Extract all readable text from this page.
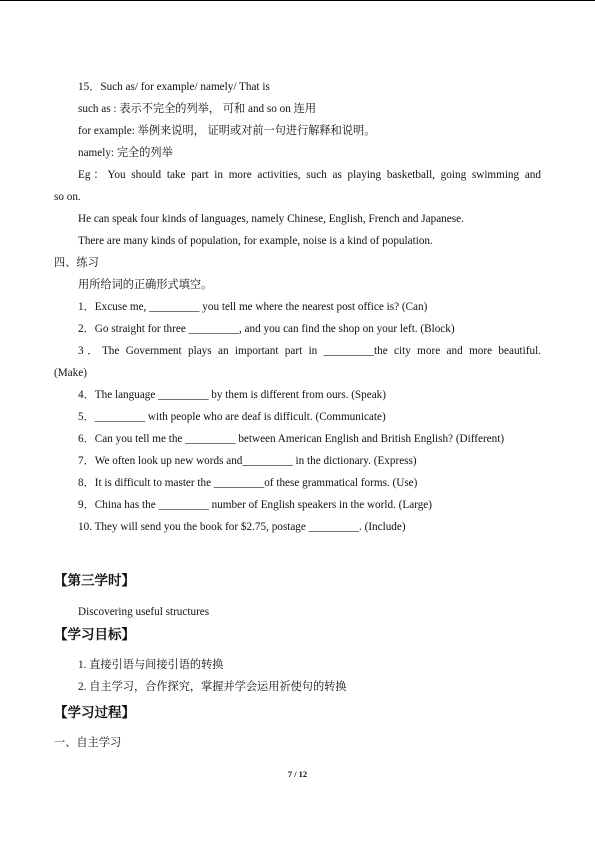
15．Such as/ for example/ namely/ That is
such as : 表示不完全的列举， 可和 and so on 连用
for example: 举例来说明， 证明或对前一句进行解释和说明。
namely: 完全的列举
Eg：You should take part in more activities, such as playing basketball, going swimming and
so on.
He can speak four kinds of languages, namely Chinese, English, French and Japanese.
There are many kinds of population, for example, noise is a kind of population.
四、练习
用所给词的正确形式填空。
1．Excuse me, _________ you tell me where the nearest post office is? (Can)
2．Go straight for three _________, and you can find the shop on your left. (Block)
3．The Government plays an important part in _________the city more and more beautiful.
(Make)
4．The language _________ by them is different from ours. (Speak)
5．_________ with people who are deaf is difficult. (Communicate)
6．Can you tell me the _________ between American English and British English? (Different)
7．We often look up new words and_________ in the dictionary. (Express)
8．It is difficult to master the _________of these grammatical forms. (Use)
9．China has the _________ number of English speakers in the world. (Large)
10. They will send you the book for $2.75, postage _________. (Include)
【第三学时】
Discovering useful structures
【学习目标】
1. 直接引语与间接引语的转换
2. 自主学习，合作探究，掌握并学会运用祈使句的转换
【学习过程】
一、自主学习
7 / 12
